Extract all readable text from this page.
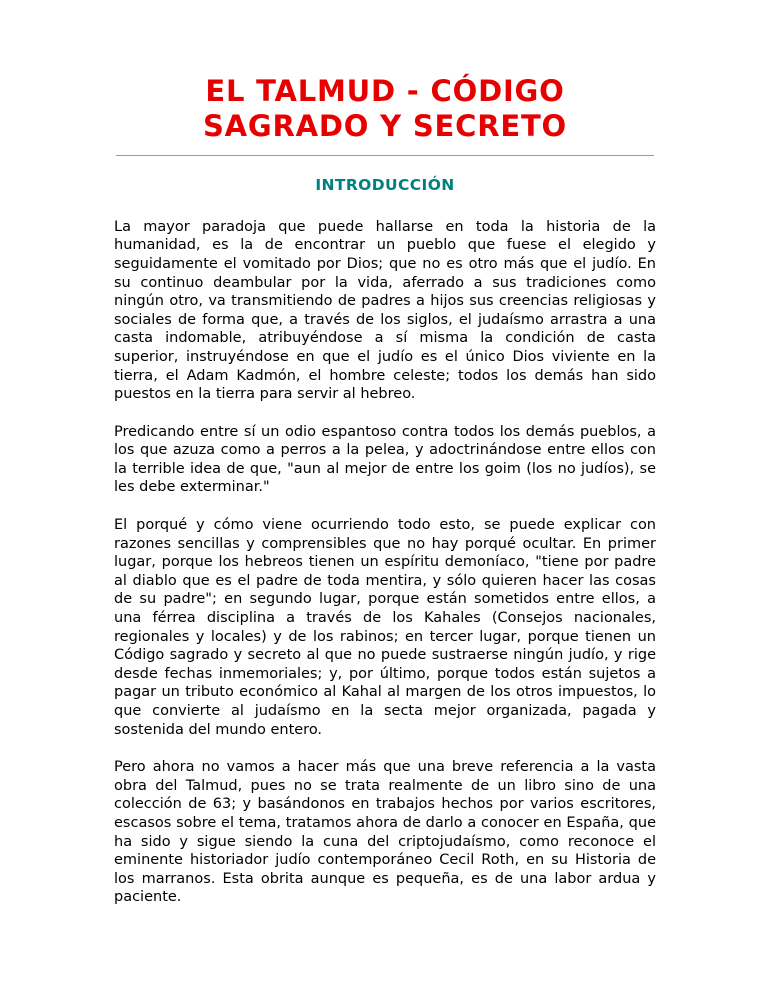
EL TALMUD - CÓDIGO
SAGRADO Y SECRETO
INTRODUCCIÓN

La mayor paradoja que puede hallarse en toda la historia de la humanidad, es la de encontrar un pueblo que fuese el elegido y seguidamente el vomitado por Dios; que no es otro más que el judío. En su continuo deambular por la vida, aferrado a sus tradiciones como ningún otro, va transmitiendo de padres a hijos sus creencias religiosas y sociales de forma que, a través de los siglos, el judaísmo arrastra a una casta indomable, atribuyéndose a sí misma la condición de casta superior, instruyéndose en que el judío es el único Dios viviente en la tierra, el Adam Kadmón, el hombre celeste; todos los demás han sido puestos en la tierra para servir al hebreo.

Predicando entre sí un odio espantoso contra todos los demás pueblos, a los que azuza como a perros a la pelea, y adoctrinándose entre ellos con la terrible idea de que, "aun al mejor de entre los goim (los no judíos), se les debe exterminar."

El porqué y cómo viene ocurriendo todo esto, se puede explicar con razones sencillas y comprensibles que no hay porqué ocultar. En primer lugar, porque los hebreos tienen un espíritu demoníaco, "tiene por padre al diablo que es el padre de toda mentira, y sólo quieren hacer las cosas de su padre"; en segundo lugar, porque están sometidos entre ellos, a una férrea disciplina a través de los Kahales (Consejos nacionales, regionales y locales) y de los rabinos; en tercer lugar, porque tienen un Código sagrado y secreto al que no puede sustraerse ningún judío, y rige desde fechas inmemoriales; y, por último, porque todos están sujetos a pagar un tributo económico al Kahal al margen de los otros impuestos, lo que convierte al judaísmo en la secta mejor organizada, pagada y sostenida del mundo entero.

Pero ahora no vamos a hacer más que una breve referencia a la vasta obra del Talmud, pues no se trata realmente de un libro sino de una colección de 63; y basándonos en trabajos hechos por varios escritores, escasos sobre el tema, tratamos ahora de darlo a conocer en España, que ha sido y sigue siendo la cuna del criptojudaísmo, como reconoce el eminente historiador judío contemporáneo Cecil Roth, en su Historia de los marranos. Esta obrita aunque es pequeña, es de una labor ardua y paciente.
